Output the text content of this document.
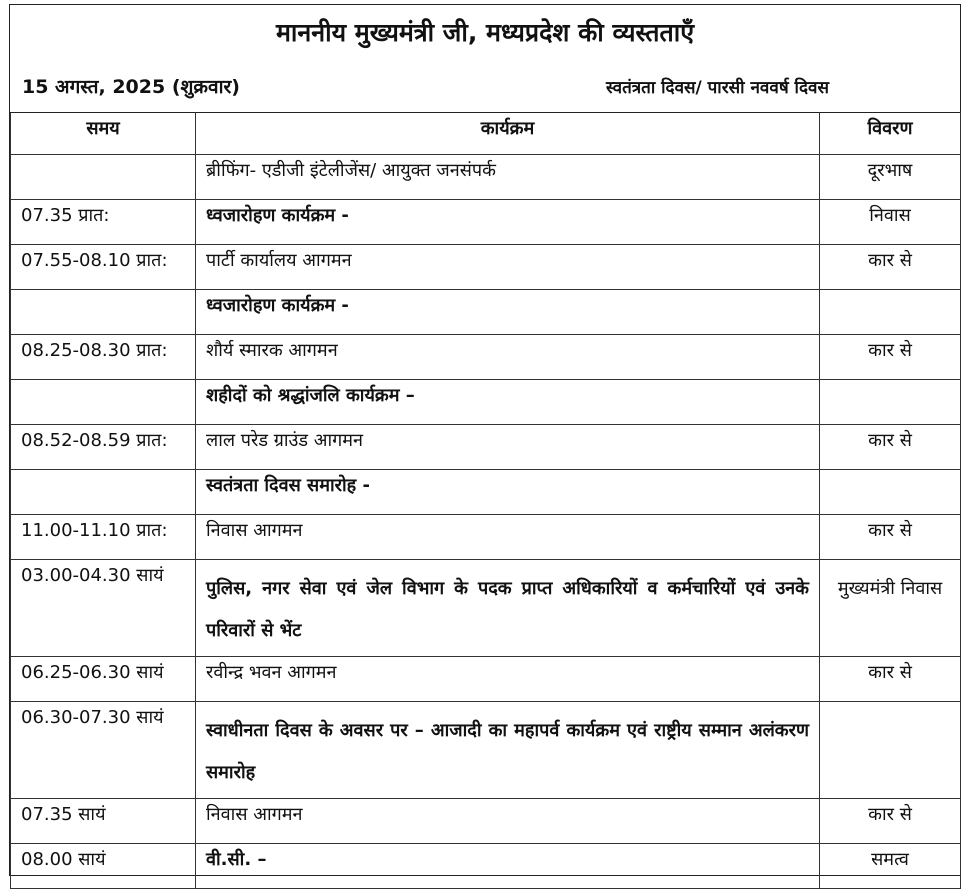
माननीय मुख्यमंत्री जी, मध्यप्रदेश की व्यस्तताएँ
15 अगस्त, 2025 (शुक्रवार)	स्वतंत्रता दिवस/ पारसी नववर्ष दिवस
समय	कार्यक्रम	विवरण
	ब्रीफिंग- एडीजी इंटेलीजेंस/ आयुक्त जनसंपर्क	दूरभाष
07.35 प्रात:	ध्वजारोहण कार्यक्रम -	निवास
07.55-08.10 प्रात:	पार्टी कार्यालय आगमन	कार से
	ध्वजारोहण कार्यक्रम -	
08.25-08.30 प्रात:	शौर्य स्मारक आगमन	कार से
	शहीदों को श्रद्धांजलि कार्यक्रम –	
08.52-08.59 प्रात:	लाल परेड ग्राउंड आगमन	कार से
	स्वतंत्रता दिवस समारोह -	
11.00-11.10 प्रात:	निवास आगमन	कार से
03.00-04.30 सायं	पुलिस, नगर सेवा एवं जेल विभाग के पदक प्राप्त अधिकारियों व कर्मचारियों एवं उनके परिवारों से भेंट	मुख्यमंत्री निवास
06.25-06.30 सायं	रवीन्द्र भवन आगमन	कार से
06.30-07.30 सायं	स्वाधीनता दिवस के अवसर पर – आजादी का महापर्व कार्यक्रम एवं राष्ट्रीय सम्मान अलंकरण समारोह	
07.35 सायं	निवास आगमन	कार से
08.00 सायं	वी.सी. –	समत्व
